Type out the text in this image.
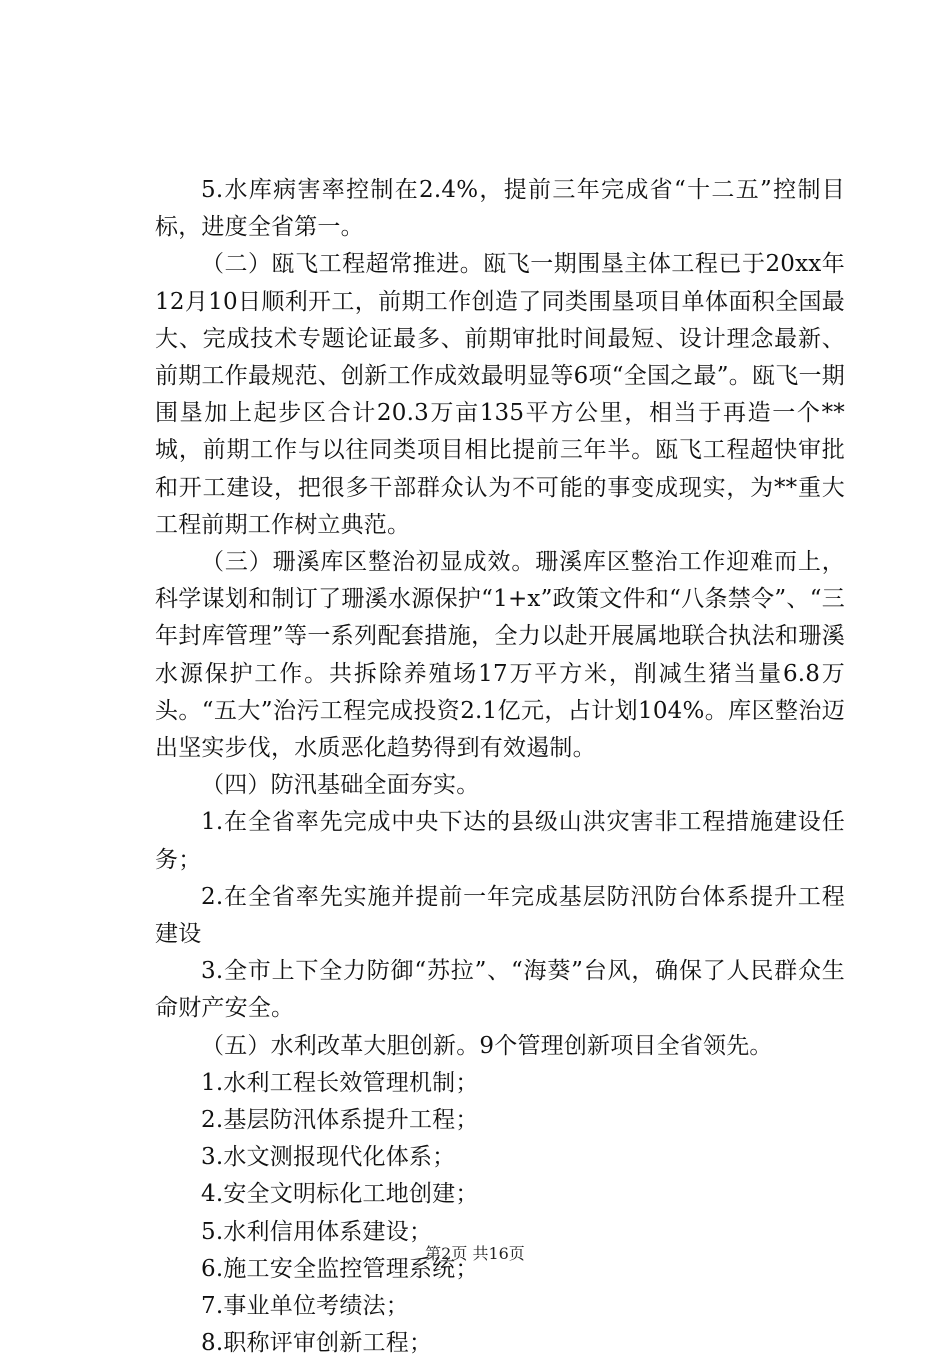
5.水库病害率控制在2.4%，提前三年完成省“十二五”控制目标，进度全省第一。

（二）瓯飞工程超常推进。瓯飞一期围垦主体工程已于20xx年12月10日顺利开工，前期工作创造了同类围垦项目单体面积全国最大、完成技术专题论证最多、前期审批时间最短、设计理念最新、前期工作最规范、创新工作成效最明显等6项“全国之最”。瓯飞一期围垦加上起步区合计20.3万亩135平方公里，相当于再造一个**城，前期工作与以往同类项目相比提前三年半。瓯飞工程超快审批和开工建设，把很多干部群众认为不可能的事变成现实，为**重大工程前期工作树立典范。

（三）珊溪库区整治初显成效。珊溪库区整治工作迎难而上，科学谋划和制订了珊溪水源保护“1+x”政策文件和“八条禁令”、“三年封库管理”等一系列配套措施，全力以赴开展属地联合执法和珊溪水源保护工作。共拆除养殖场17万平方米，削减生猪当量6.8万头。“五大”治污工程完成投资2.1亿元，占计划104%。库区整治迈出坚实步伐，水质恶化趋势得到有效遏制。

（四）防汛基础全面夯实。

1.在全省率先完成中央下达的县级山洪灾害非工程措施建设任务；

2.在全省率先实施并提前一年完成基层防汛防台体系提升工程建设

3.全市上下全力防御“苏拉”、“海葵”台风，确保了人民群众生命财产安全。

（五）水利改革大胆创新。9个管理创新项目全省领先。

1.水利工程长效管理机制；

2.基层防汛体系提升工程；

3.水文测报现代化体系；

4.安全文明标化工地创建；

5.水利信用体系建设；

6.施工安全监控管理系统；

7.事业单位考绩法；

8.职称评审创新工程；

第2页 共16页
